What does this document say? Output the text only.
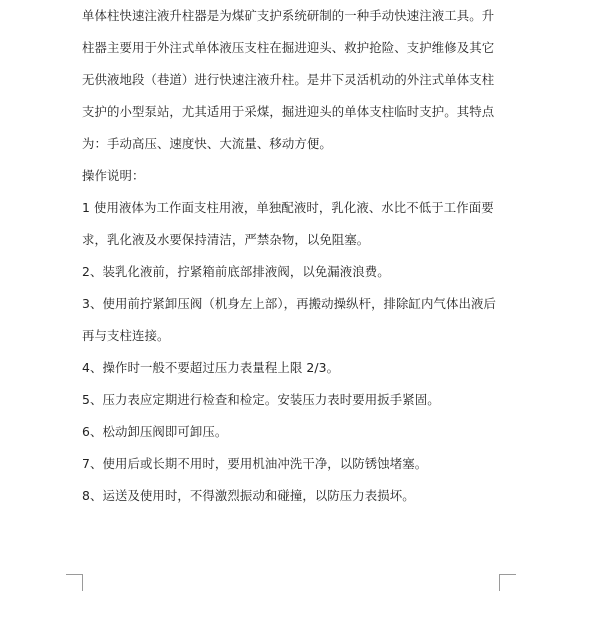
单体柱快速注液升柱器是为煤矿支护系统研制的一种手动快速注液工具。升柱器主要用于外注式单体液压支柱在掘进迎头、救护抢险、支护维修及其它无供液地段（巷道）进行快速注液升柱。是井下灵活机动的外注式单体支柱支护的小型泵站，尤其适用于采煤，掘进迎头的单体支柱临时支护。其特点为：手动高压、速度快、大流量、移动方便。

操作说明：

1 使用液体为工作面支柱用液，单独配液时，乳化液、水比不低于工作面要求，乳化液及水要保持清洁，严禁杂物，以免阻塞。

2、装乳化液前，拧紧箱前底部排液阀，以免漏液浪费。

3、使用前拧紧卸压阀（机身左上部），再搬动操纵杆，排除缸内气体出液后再与支柱连接。

4、操作时一般不要超过压力表量程上限 2/3。

5、压力表应定期进行检查和检定。安装压力表时要用扳手紧固。

6、松动卸压阀即可卸压。

7、使用后或长期不用时，要用机油冲洗干净，以防锈蚀堵塞。

8、运送及使用时，不得激烈振动和碰撞，以防压力表损坏。
